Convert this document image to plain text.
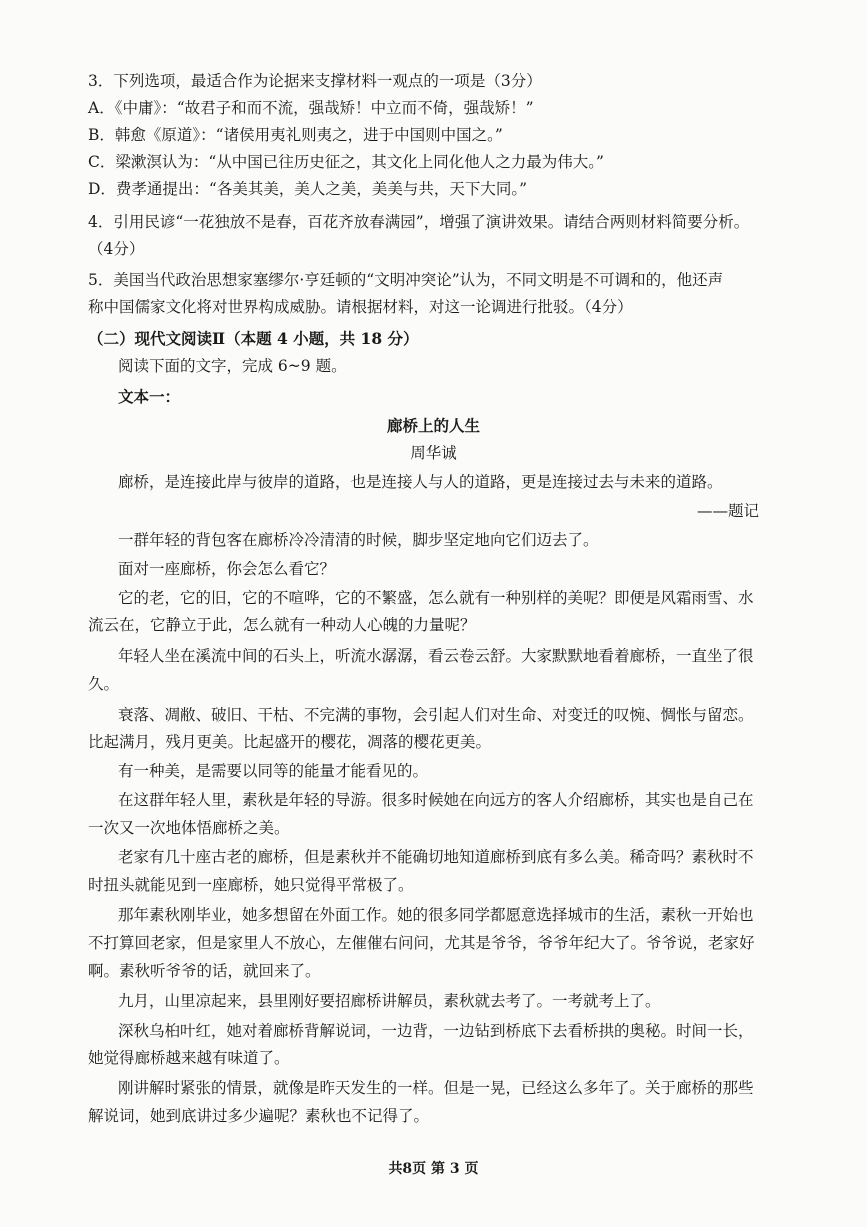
3．下列选项，最适合作为论据来支撑材料一观点的一项是（3分）
A．《中庸》：“故君子和而不流，强哉矫！中立而不倚，强哉矫！”
B．韩愈《原道》：“诸侯用夷礼则夷之，进于中国则中国之。”
C．梁漱溟认为：“从中国已往历史征之，其文化上同化他人之力最为伟大。”
D．费孝通提出：“各美其美，美人之美，美美与共，天下大同。”
4．引用民谚“一花独放不是春，百花齐放春满园”，增强了演讲效果。请结合两则材料简要分析。
（4分）
5．美国当代政治思想家塞缪尔·亨廷顿的“文明冲突论”认为，不同文明是不可调和的，他还声
称中国儒家文化将对世界构成威胁。请根据材料，对这一论调进行批驳。（4分）
（二）现代文阅读Ⅱ（本题 4 小题，共 18 分）
阅读下面的文字，完成 6~9 题。
文本一：
廊桥上的人生
周华诚
廊桥，是连接此岸与彼岸的道路，也是连接人与人的道路，更是连接过去与未来的道路。
——题记
一群年轻的背包客在廊桥冷冷清清的时候，脚步坚定地向它们迈去了。
面对一座廊桥，你会怎么看它？
它的老，它的旧，它的不喧哗，它的不繁盛，怎么就有一种别样的美呢？即便是风霜雨雪、水
流云在，它静立于此，怎么就有一种动人心魄的力量呢？
年轻人坐在溪流中间的石头上，听流水潺潺，看云卷云舒。大家默默地看着廊桥，一直坐了很
久。
衰落、凋敝、破旧、干枯、不完满的事物，会引起人们对生命、对变迁的叹惋、惆怅与留恋。
比起满月，残月更美。比起盛开的樱花，凋落的樱花更美。
有一种美，是需要以同等的能量才能看见的。
在这群年轻人里，素秋是年轻的导游。很多时候她在向远方的客人介绍廊桥，其实也是自己在
一次又一次地体悟廊桥之美。
老家有几十座古老的廊桥，但是素秋并不能确切地知道廊桥到底有多么美。稀奇吗？素秋时不
时扭头就能见到一座廊桥，她只觉得平常极了。
那年素秋刚毕业，她多想留在外面工作。她的很多同学都愿意选择城市的生活，素秋一开始也
不打算回老家，但是家里人不放心，左催催右问问，尤其是爷爷，爷爷年纪大了。爷爷说，老家好
啊。素秋听爷爷的话，就回来了。
九月，山里凉起来，县里刚好要招廊桥讲解员，素秋就去考了。一考就考上了。
深秋乌桕叶红，她对着廊桥背解说词，一边背，一边钻到桥底下去看桥拱的奥秘。时间一长，
她觉得廊桥越来越有味道了。
刚讲解时紧张的情景，就像是昨天发生的一样。但是一晃，已经这么多年了。关于廊桥的那些
解说词，她到底讲过多少遍呢？素秋也不记得了。
共8页 第 3 页
